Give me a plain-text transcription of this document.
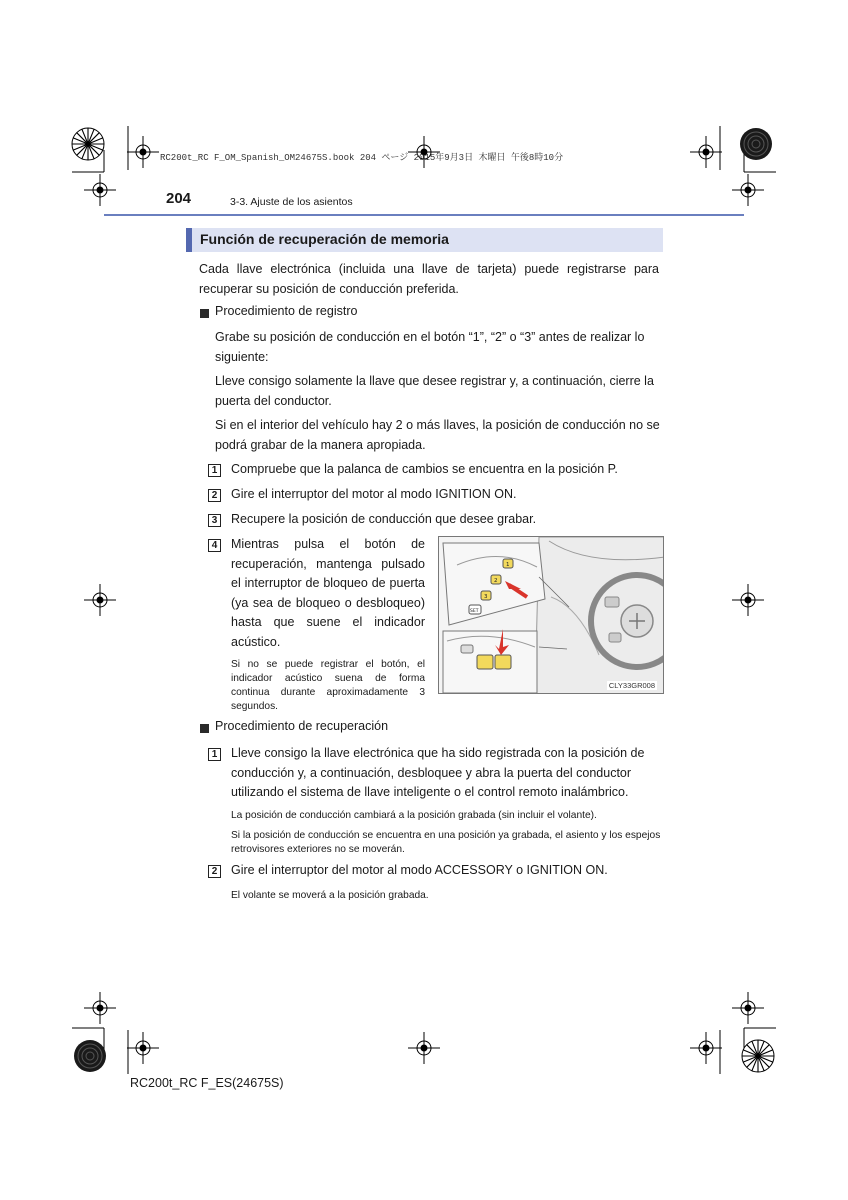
RC200t_RC F_OM_Spanish_OM24675S.book 204 ページ 2015年9月3日 木曜日 午後8時10分
204	3-3. Ajuste de los asientos
Función de recuperación de memoria
Cada llave electrónica (incluida una llave de tarjeta) puede registrarse para recuperar su posición de conducción preferida.
Procedimiento de registro
Grabe su posición de conducción en el botón “1”, “2” o “3” antes de realizar lo siguiente:
Lleve consigo solamente la llave que desee registrar y, a continuación, cierre la puerta del conductor.
Si en el interior del vehículo hay 2 o más llaves, la posición de conducción no se podrá grabar de la manera apropiada.
1 Compruebe que la palanca de cambios se encuentra en la posición P.
2 Gire el interruptor del motor al modo IGNITION ON.
3 Recupere la posición de conducción que desee grabar.
4 Mientras pulsa el botón de recuperación, mantenga pulsado el interruptor de bloqueo de puerta (ya sea de bloqueo o desbloqueo) hasta que suene el indicador acústico.
Si no se puede registrar el botón, el indicador acústico suena de forma continua durante aproximadamente 3 segundos.
1
2
3
SET
CLY33GR008
Procedimiento de recuperación
1 Lleve consigo la llave electrónica que ha sido registrada con la posición de conducción y, a continuación, desbloquee y abra la puerta del conductor utilizando el sistema de llave inteligente o el control remoto inalámbrico.
La posición de conducción cambiará a la posición grabada (sin incluir el volante).
Si la posición de conducción se encuentra en una posición ya grabada, el asiento y los espejos retrovisores exteriores no se moverán.
2 Gire el interruptor del motor al modo ACCESSORY o IGNITION ON.
El volante se moverá a la posición grabada.
RC200t_RC F_ES(24675S)
